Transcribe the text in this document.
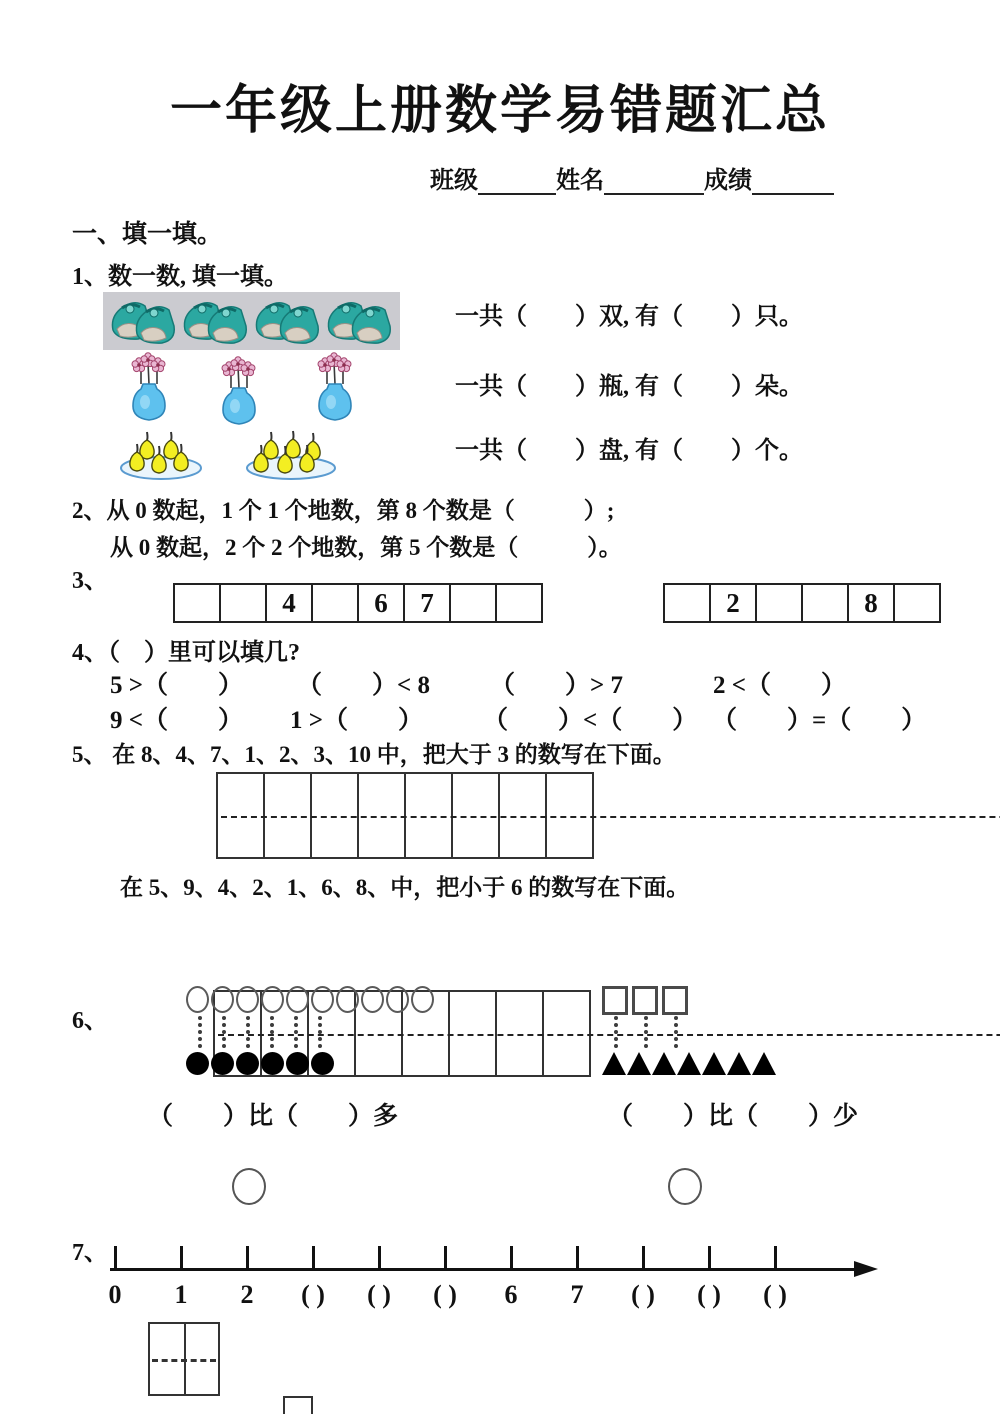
一年级上册数学易错题汇总
班级	姓名	成绩
一、填一填。
1、数一数, 填一填。
一共（　　）双, 有（　　）只。
一共（　　）瓶, 有（　　）朵。
一共（　　）盘, 有（　　）个。
2、从 0 数起，1 个 1 个地数，第 8 个数是（　　　）;
从 0 数起，2 个 2 个地数，第 5 个数是（　　　）。
3、
4	6 7	2	8
4、（　）里可以填几?
5 >（　　） （　　）< 8 （　　）> 7	2 <（　　）
9 <（　　） 1 >（　　） （　　）<（　　） （　　）=（　　）
5、 在 8、4、7、1、2、3、10 中，把大于 3 的数写在下面。
在 5、9、4、2、1、6、8、中，把小于 6 的数写在下面。
6、
（　　）比（　　）多	（　　）比（　　）少
7、
0	1	2	( )	( )	( )	6	7	( )	( )	( )
